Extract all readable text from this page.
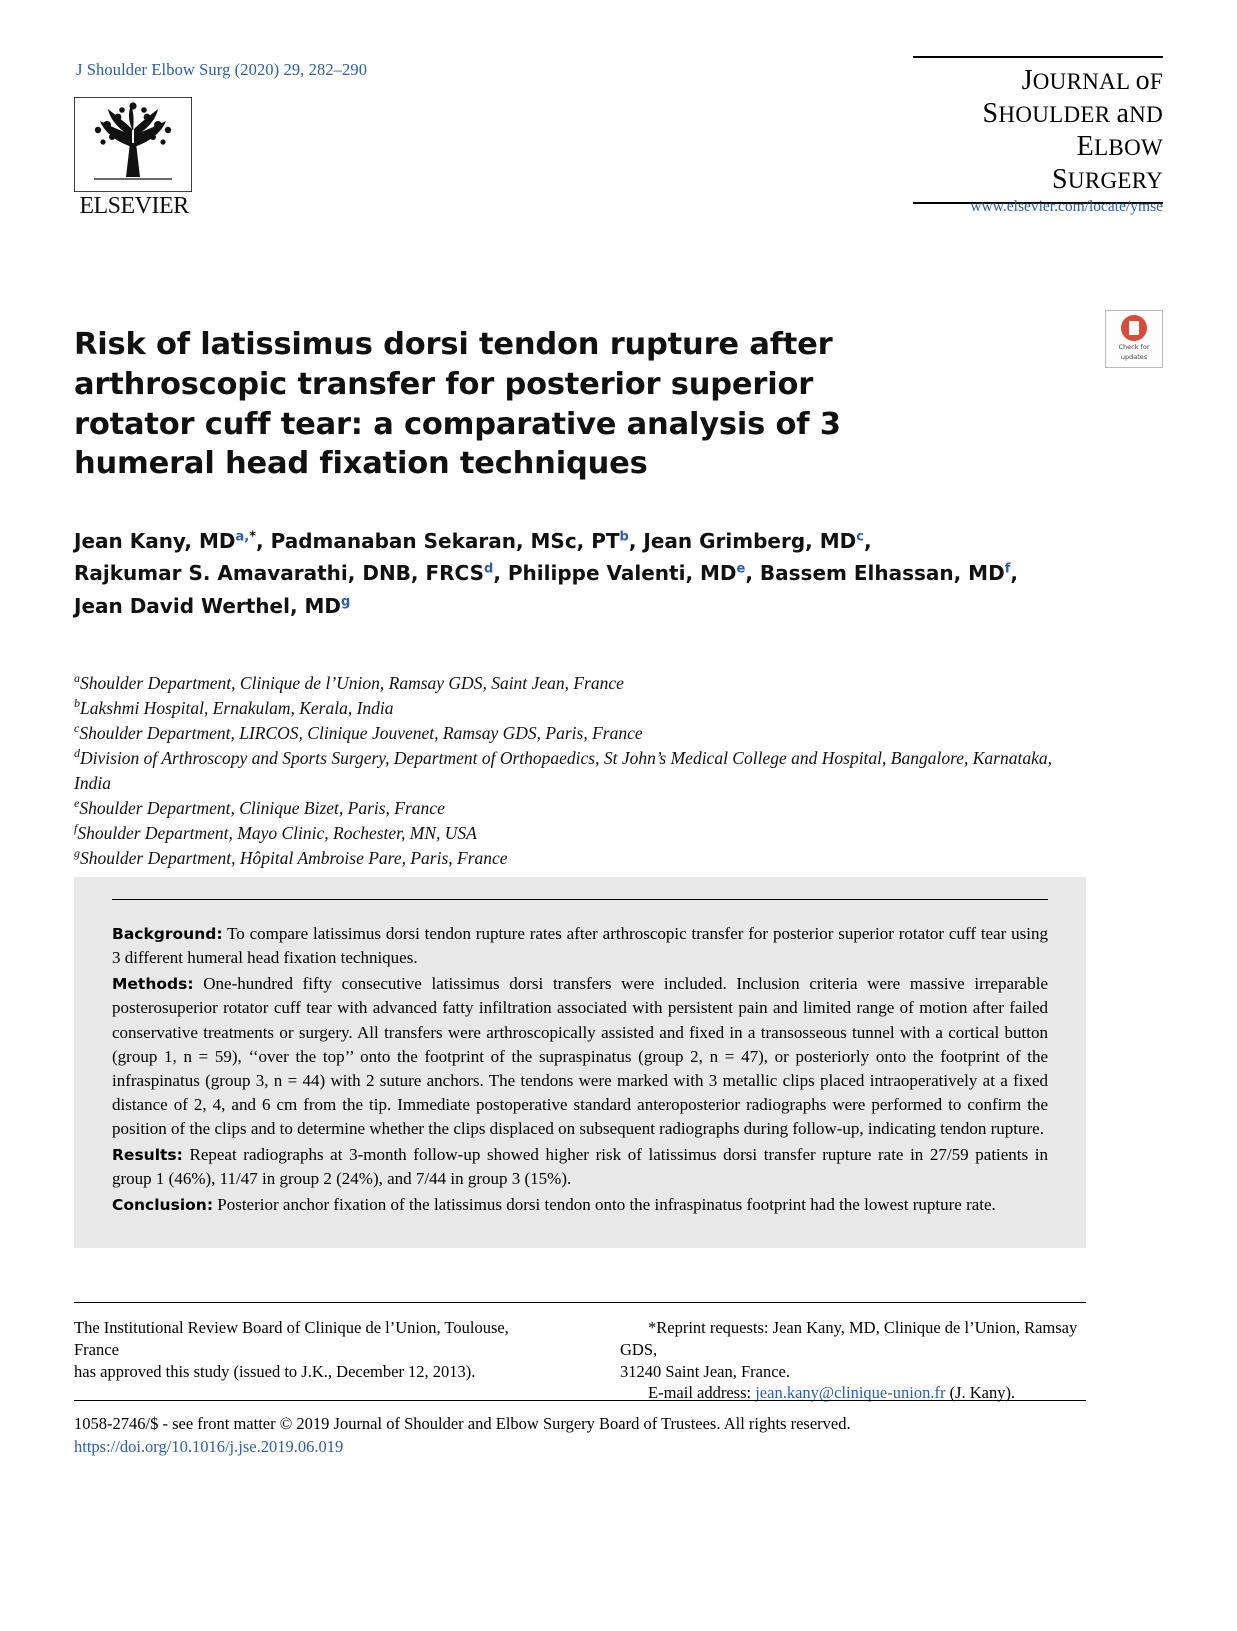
J Shoulder Elbow Surg (2020) 29, 282–290
ELSEVIER
JOURNAL oF
SHOULDER aND
ELBOW
SURGERY
www.elsevier.com/locate/ymse
Risk of latissimus dorsi tendon rupture after arthroscopic transfer for posterior superior rotator cuff tear: a comparative analysis of 3 humeral head fixation techniques
Check for
updates
Jean Kany, $MD^{a,*}$, Padmanaban Sekaran, MSc, $PT^b$, Jean Grimberg, $MD^c$,
Rajkumar S. Amavarathi, DNB, FRCS$^d$, Philippe Valenti, MDe, Bassem Elhassan, $MD^f$,
Jean David Werthel, $MD^g$
$^a$Shoulder Department, Clinique de l’Union, Ramsay GDS, Saint Jean, France
$^b$Lakshmi Hospital, Ernakulam, Kerala, India
$^c$Shoulder Department, LIRCOS, Clinique Jouvenet, Ramsay GDS, Paris, France
$^d$Division of Arthroscopy and Sports Surgery, Department of Orthopaedics, St John’s Medical College and Hospital, Bangalore, Karnataka, India
$^e$Shoulder Department, Clinique Bizet, Paris, France
$^f$Shoulder Department, Mayo Clinic, Rochester, MN, USA
$^g$Shoulder Department, Hôpital Ambroise Pare, Paris, France

Background: To compare latissimus dorsi tendon rupture rates after arthroscopic transfer for posterior superior rotator cuff tear using 3 different humeral head fixation techniques.

Methods: One-hundred fifty consecutive latissimus dorsi transfers were included. Inclusion criteria were massive irreparable posterosuperior rotator cuff tear with advanced fatty infiltration associated with persistent pain and limited range of motion after failed conservative treatments or surgery. All transfers were arthroscopically assisted and fixed in a transosseous tunnel with a cortical button (group 1, n = 59), ‘‘over the top’’ onto the footprint of the supraspinatus (group 2, n = 47), or posteriorly onto the footprint of the infraspinatus (group 3, n = 44) with 2 suture anchors. The tendons were marked with 3 metallic clips placed intraoperatively at a fixed distance of 2, 4, and 6 cm from the tip. Immediate postoperative standard anteroposterior radiographs were performed to confirm the position of the clips and to determine whether the clips displaced on subsequent radiographs during follow-up, indicating tendon rupture.

Results: Repeat radiographs at 3-month follow-up showed higher risk of latissimus dorsi transfer rupture rate in 27/59 patients in group 1 (46%), 11/47 in group 2 (24%), and 7/44 in group 3 (15%).

Conclusion: Posterior anchor fixation of the latissimus dorsi tendon onto the infraspinatus footprint had the lowest rupture rate.

The Institutional Review Board of Clinique de l’Union, Toulouse, France
has approved this study (issued to J.K., December 12, 2013).
*Reprint requests: Jean Kany, MD, Clinique de l’Union, Ramsay GDS,
31240 Saint Jean, France.
E-mail address: jean.kany@clinique-union.fr (J. Kany).
1058-2746/$ - see front matter © 2019 Journal of Shoulder and Elbow Surgery Board of Trustees. All rights reserved.
https://doi.org/10.1016/j.jse.2019.06.019
